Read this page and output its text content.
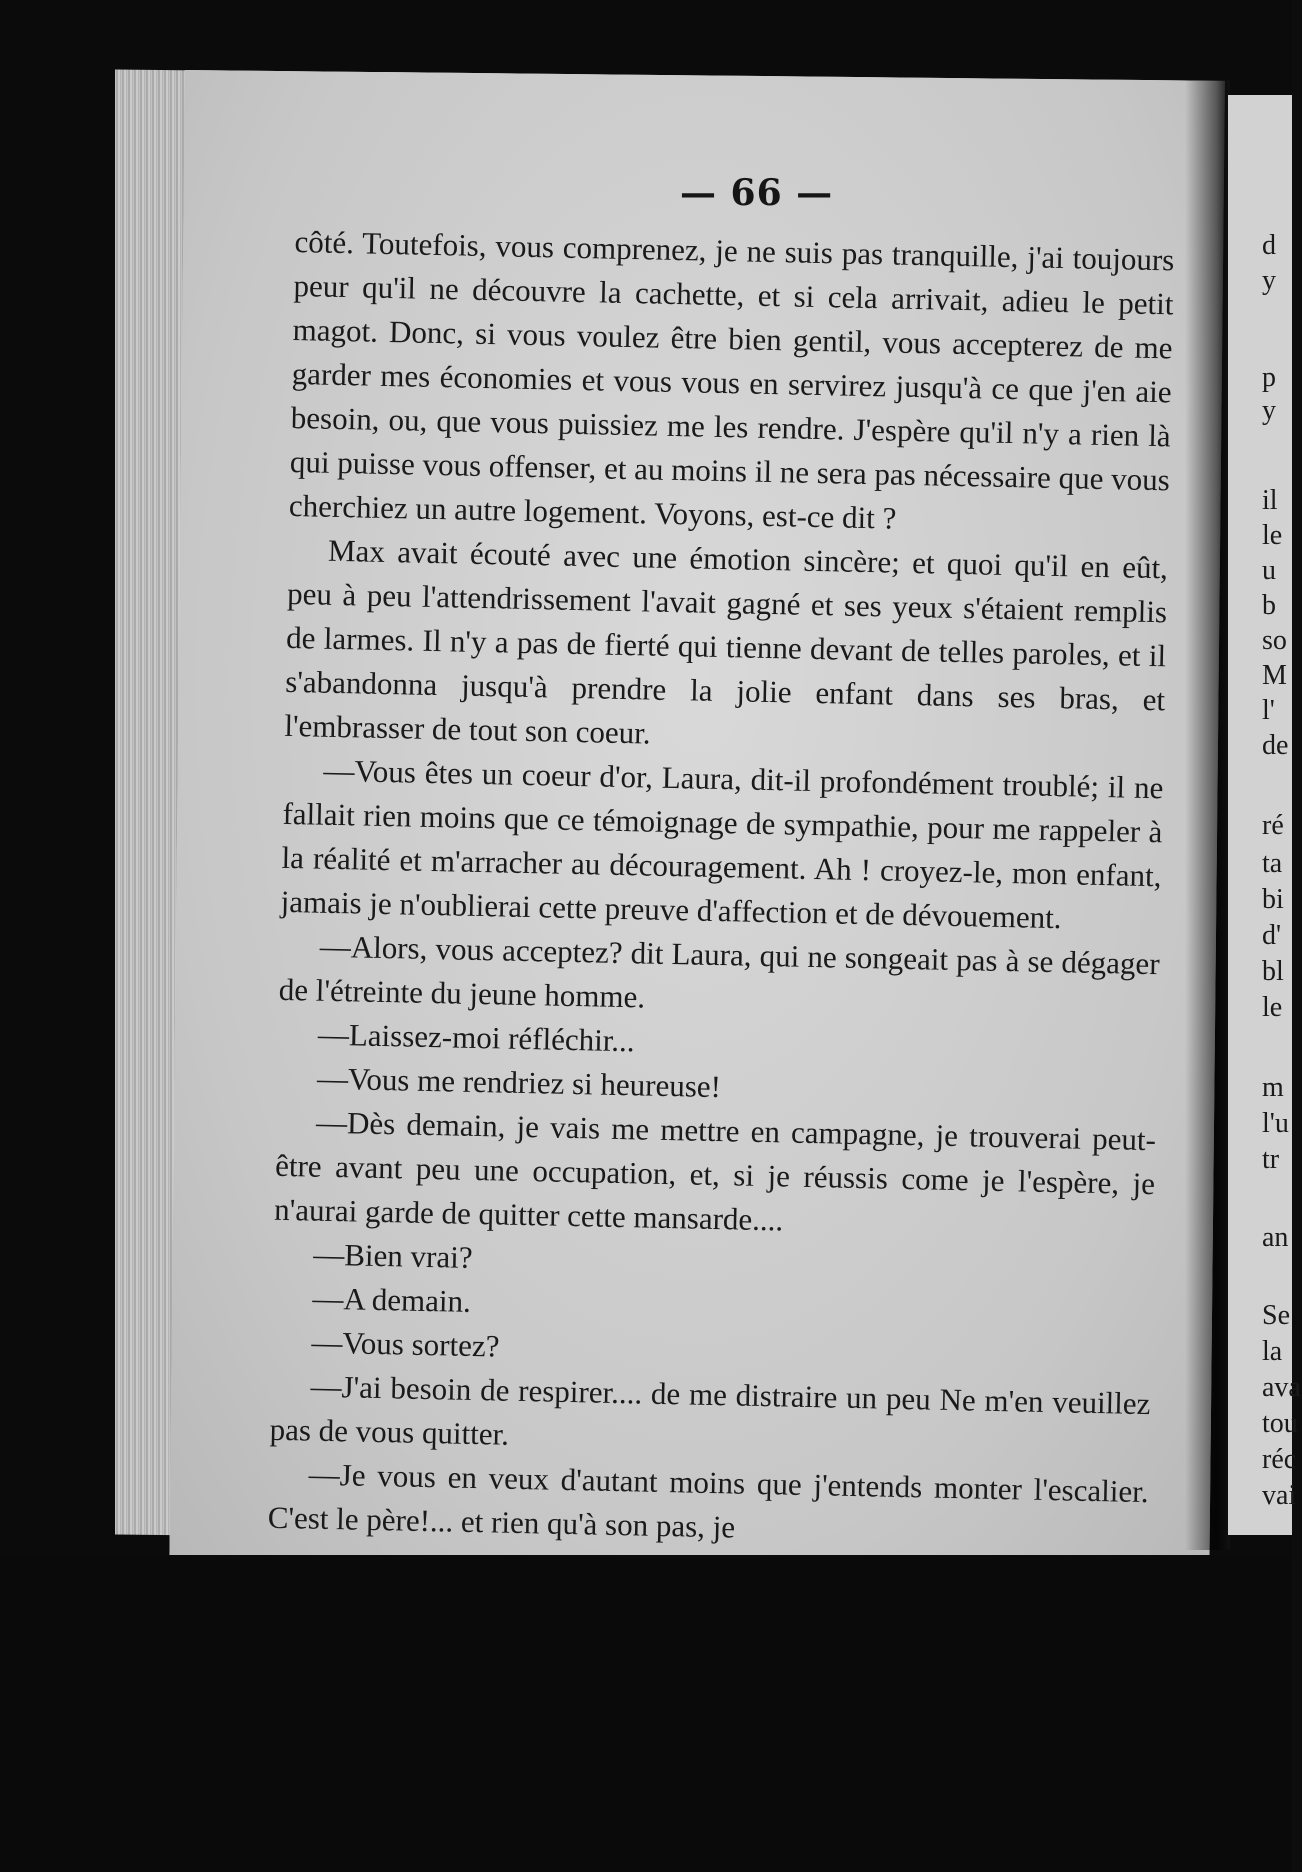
— 66 —

côté. Toutefois, vous comprenez, je ne suis pas tranquille, j'ai toujours peur qu'il ne découvre la cachette, et si cela arrivait, adieu le petit magot. Donc, si vous voulez être bien gentil, vous accepterez de me garder mes économies et vous vous en servirez jusqu'à ce que j'en aie besoin, ou, que vous puissiez me les rendre. J'espère qu'il n'y a rien là qui puisse vous offenser, et au moins il ne sera pas nécessaire que vous cherchiez un autre logement. Voyons, est-ce dit ?

Max avait écouté avec une émotion sincère; et quoi qu'il en eût, peu à peu l'attendrissement l'avait gagné et ses yeux s'étaient remplis de larmes. Il n'y a pas de fierté qui tienne devant de telles paroles, et il s'abandonna jusqu'à prendre la jolie enfant dans ses bras, et l'embrasser de tout son coeur.

—Vous êtes un coeur d'or, Laura, dit-il profondément troublé; il ne fallait rien moins que ce témoignage de sympathie, pour me rappeler à la réalité et m'arracher au découragement. Ah ! croyez-le, mon enfant, jamais je n'oublierai cette preuve d'affection et de dévouement.

—Alors, vous acceptez? dit Laura, qui ne songeait pas à se dégager de l'étreinte du jeune homme.

—Laissez-moi réfléchir...

—Vous me rendriez si heureuse!

—Dès demain, je vais me mettre en campagne, je trouverai peut-être avant peu une occupation, et, si je réussis come je l'espère, je n'aurai garde de quitter cette mansarde....

—Bien vrai?

—A demain.

—Vous sortez?

—J'ai besoin de respirer.... de me distraire un peu Ne m'en veuillez pas de vous quitter.

—Je vous en veux d'autant moins que j'entends monter l'escalier. C'est le père!... et rien qu'à son pas, je

d
y
p
y
il
le
u
b
so
M
l'
de
ré
ta
bi
d'
bl
le
m
l'u
tr
an
Se
la
ava
tou
réc
vai
